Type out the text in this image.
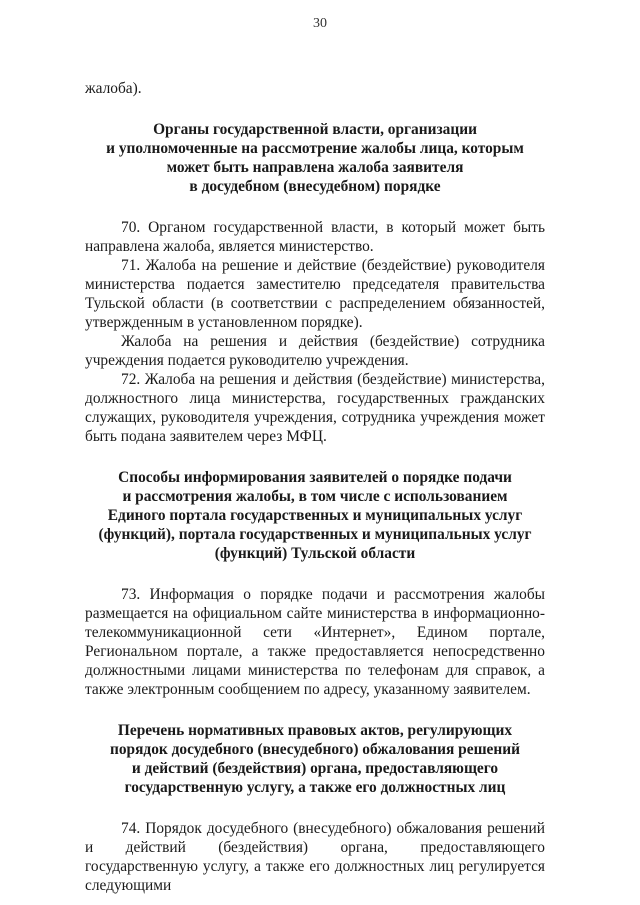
30

жалоба).

Органы государственной власти, организации
и уполномоченные на рассмотрение жалобы лица, которым
может быть направлена жалоба заявителя
в досудебном (внесудебном) порядке

70. Органом государственной власти, в который может быть направлена жалоба, является министерство.

71. Жалоба на решение и действие (бездействие) руководителя министерства подается заместителю председателя правительства Тульской области (в соответствии с распределением обязанностей, утвержденным в установленном порядке).

Жалоба на решения и действия (бездействие) сотрудника учреждения подается руководителю учреждения.

72. Жалоба на решения и действия (бездействие) министерства, должностного лица министерства, государственных гражданских служащих, руководителя учреждения, сотрудника учреждения может быть подана заявителем через МФЦ.

Способы информирования заявителей о порядке подачи
и рассмотрения жалобы, в том числе с использованием
Единого портала государственных и муниципальных услуг
(функций), портала государственных и муниципальных услуг
(функций) Тульской области

73. Информация о порядке подачи и рассмотрения жалобы размещается на официальном сайте министерства в информационно-телекоммуникационной сети «Интернет», Едином портале, Региональном портале, а также предоставляется непосредственно должностными лицами министерства по телефонам для справок, а также электронным сообщением по адресу, указанному заявителем.

Перечень нормативных правовых актов, регулирующих
порядок досудебного (внесудебного) обжалования решений
и действий (бездействия) органа, предоставляющего
государственную услугу, а также его должностных лиц

74. Порядок досудебного (внесудебного) обжалования решений и действий (бездействия) органа, предоставляющего государственную услугу, а также его должностных лиц регулируется следующими
